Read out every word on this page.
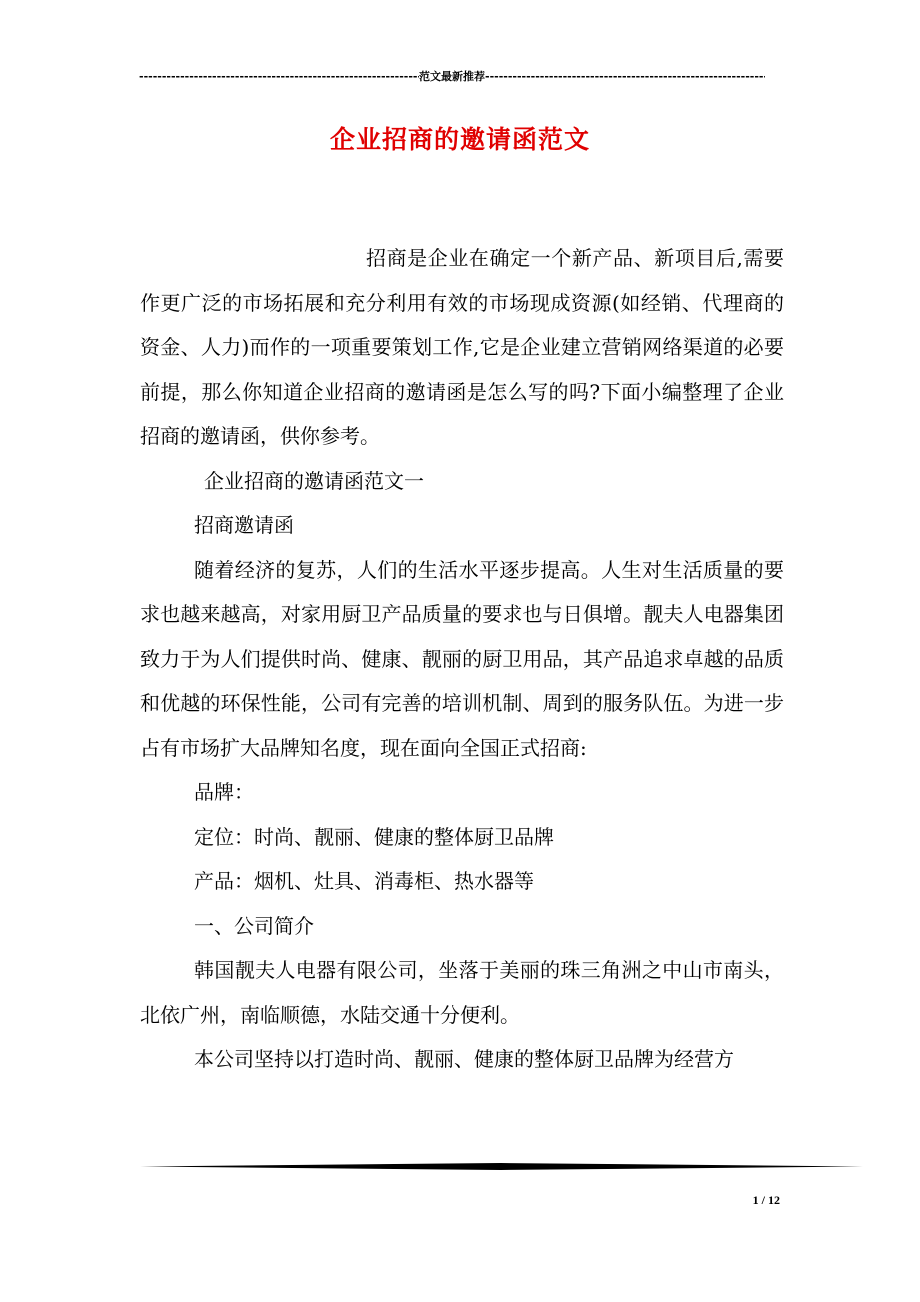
-----
范文最新推荐
-----
企业招商的邀请函范文

招商是企业在确定一个新产品、新项目后,需要作更广泛的市场拓展和充分利用有效的市场现成资源(如经销、代理商的资金、人力)而作的一项重要策划工作,它是企业建立营销网络渠道的必要前提，那么你知道企业招商的邀请函是怎么写的吗?下面小编整理了企业招商的邀请函，供你参考。

企业招商的邀请函范文一

招商邀请函

随着经济的复苏，人们的生活水平逐步提高。人生对生活质量的要求也越来越高，对家用厨卫产品质量的要求也与日俱增。靓夫人电器集团致力于为人们提供时尚、健康、靓丽的厨卫用品，其产品追求卓越的品质和优越的环保性能，公司有完善的培训机制、周到的服务队伍。为进一步占有市场扩大品牌知名度，现在面向全国正式招商:

品牌：

定位：时尚、靓丽、健康的整体厨卫品牌

产品：烟机、灶具、消毒柜、热水器等

一、公司简介

韩国靓夫人电器有限公司，坐落于美丽的珠三角洲之中山市南头，北依广州，南临顺德，水陆交通十分便利。

本公司坚持以打造时尚、靓丽、健康的整体厨卫品牌为经营方

1 / 12
